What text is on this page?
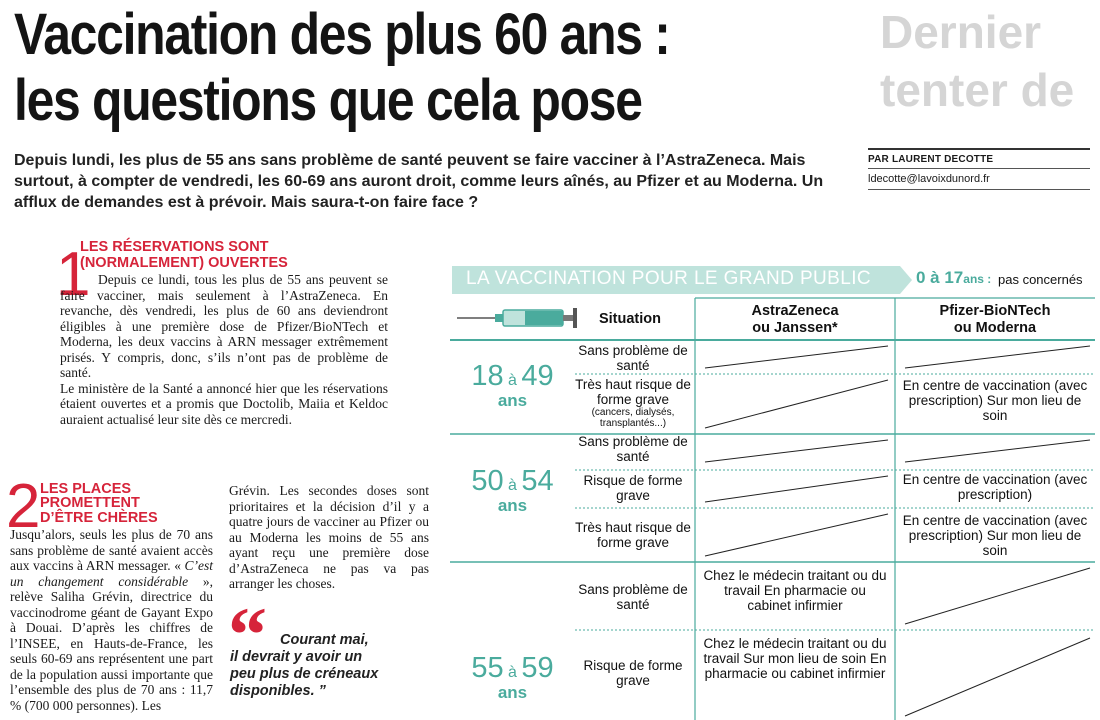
Dernier
tenter de
Vaccination des plus 60 ans :
les questions que cela pose
Depuis lundi, les plus de 55 ans sans problème de santé peuvent se faire vacciner à l’AstraZeneca. Mais surtout, à compter de vendredi, les 60-69 ans auront droit, comme leurs aînés, au Pfizer et au Moderna. Un afflux de demandes est à prévoir. Mais saura-t-on faire face ?
PAR LAURENT DECOTTE
ldecotte@lavoixdunord.fr
1
LES RÉSERVATIONS SONT
(NORMALEMENT) OUVERTES

Depuis ce lundi, tous les plus de 55 ans peuvent se faire vacciner, mais seulement à l’AstraZeneca. En revanche, dès vendredi, les plus de 60 ans deviendront éligibles à une première dose de Pfizer/BioNTech et Moderna, les deux vaccins à ARN messager extrêmement prisés. Y compris, donc, s’ils n’ont pas de problème de santé.

Le ministère de la Santé a annoncé hier que les réservations étaient ouvertes et a promis que Doctolib, Maiia et Keldoc auraient actualisé leur site dès ce mercredi.

2 LES PLACES
PROMETTENT
D’ÊTRE CHÈRES

Jusqu’alors, seuls les plus de 70 ans sans problème de santé avaient accès aux vaccins à ARN messager. « C’est un changement considérable », relève Saliha Grévin, directrice du vaccinodrome géant de Gayant Expo à Douai. D’après les chiffres de l’INSEE, en Hauts-de-France, les seuls 60-69 ans représentent une part de la population aussi importante que l’ensemble des plus de 70 ans : 11,7 % (700 000 personnes). Les

Grévin. Les secondes doses sont prioritaires et la décision d’il y a quatre jours de vacciner au Pfizer ou au Moderna les moins de 55 ans ayant reçu une première dose d’AstraZeneca ne pas va pas arranger les choses.

“ Courant mai,
il devrait y avoir un peu plus de créneaux disponibles. ”
LA VACCINATION POUR LE GRAND PUBLIC	0 à 17ans : pas concernés
Situation	AstraZeneca
ou Janssen*
Pfizer-BioNTech
ou Moderna
18 à 49
ans
50 à 54
ans
55 à 59
ans
Sans problème de santé
Très haut risque de forme grave
(cancers, dialysés, transplantés...)
Sans problème de santé
Risque de forme grave
Très haut risque de forme grave
Sans problème de santé
Risque de forme grave
En centre de vaccination (avec prescription) Sur mon lieu de soin
En centre de vaccination (avec prescription)
En centre de vaccination (avec prescription) Sur mon lieu de soin
Chez le médecin traitant ou du travail En pharmacie ou cabinet infirmier
Chez le médecin traitant ou du travail Sur mon lieu de soin En pharmacie ou cabinet infirmier
